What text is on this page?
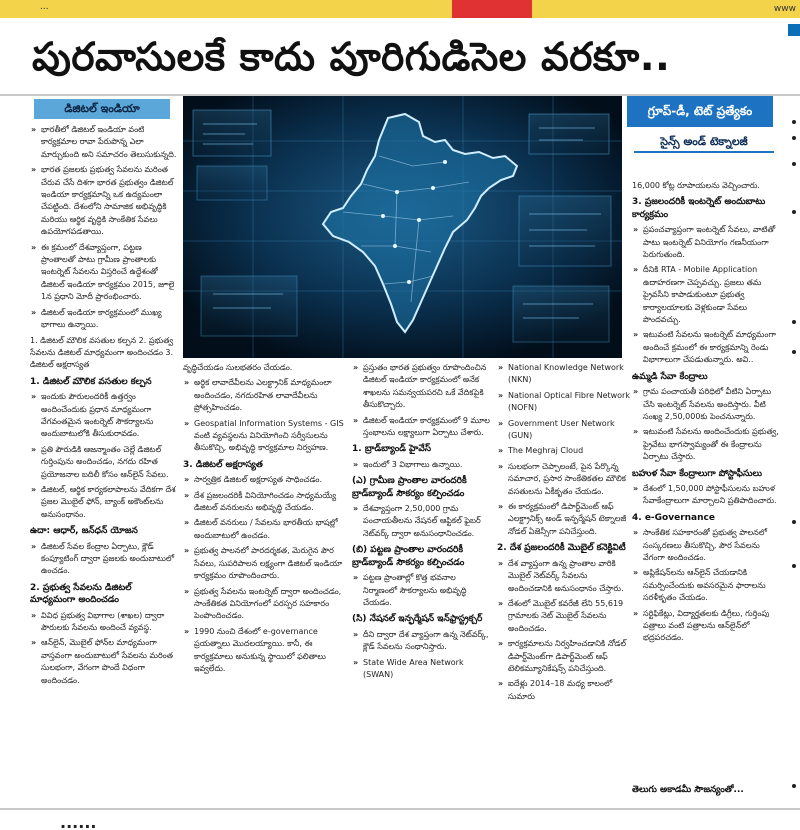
...	www
పురవాసులకే కాదు పూరిగుడిసెల వరకూ..
డిజిటల్ ఇండియా

» భారతీలో డిజిటల్ ఇండియా వంటి కార్యక్రమాల రావా పేరుపొన్న ఎలా మార్చుకుంది అని సమాచరం తెలుసుకున్నది.

» భారత ప్రజలకు ప్రభుత్వ సేవలను మరింత చేరువ చేసే దిశగా భారత ప్రభుత్వం డిజిటల్ ఇండియా కార్యక్రమాన్ని ఒక ఉద్యమంలా చేపట్టింది. దేశంలోని సామాజిక అభివృద్ధికి మరియు ఆర్థిక వృద్ధికి సాంకేతిక సేవలు ఉపయోగపడతాయి.

» ఈ క్రమంలో దేశవ్యాప్తంగా, పట్టణ ప్రాంతాలతో పాటు గ్రామీణ ప్రాంతాలకు ఇంటర్నెట్ సేవలను విస్తరించే ఉద్దేశంతో డిజిటల్ ఇండియా కార్యక్రమం 2015, జూలై 1న ప్రధాని మోదీ ప్రారంభించారు.

» డిజిటల్ ఇండియా కార్యక్రమంలో ముఖ్య భాగాలు ఉన్నాయి.

1. డిజిటల్ మౌలిక వసతుల కల్పన 2. ప్రభుత్వ సేవలను డిజిటల్ మాధ్యమంగా అందించడం 3. డిజిటల్ అక్షరాస్యత

1. డిజిటల్ మౌలిక వసతుల కల్పన

» ఇందుకు పౌరులందరికీ ఉత్తర్వం అందించేందుకు ప్రధాన మాధ్యమంగా వేగవంతమైన ఇంటర్నెట్ సౌకర్యాలను అందుబాటులోకి తీసుకురావడం.

» ప్రతి పౌరుడికి ఆజన్మాంతం చెల్లే డిజిటల్ గుర్తింపును అందించడం, నగదు రహిత ప్రయోజనాల బదిలీ కోసం ఆన్‌లైన్ సేవలు.

» డిజిటల్, ఆర్థిక కార్యకలాపాలను వేదికగా దేశ ప్రజల మొబైల్ ఫోన్, బ్యాంక్ అకౌంట్‌లను అనుసంధానం.

ఉదా: ఆధార్, జన్‌ధన్ యోజన

» డిజిటల్ సేవల కేంద్రాల ఏర్పాటు, క్లౌడ్ కంప్యూటింగ్ ద్వారా ప్రజలకు అందుబాటులో ఉంచడం.

2. ప్రభుత్వ సేవలను డిజిటల్ మాధ్యమంగా అందించడం

» వివిధ ప్రభుత్వ విభాగాల (శాఖల) ద్వారా పౌరులకు సేవలను అందించే వ్యవస్థ.

» ఆన్‌లైన్, మొబైల్ ఫోన్‌ల మాధ్యమంగా వాస్తవంగా అందుబాటులో సేవలను మరింత సులభంగా, వేగంగా పొందే విధంగా అందించడం.

వృద్ధిచేయడం సులభతరం చేయడం.

» అర్థిక లావాదేవీలను ఎలక్ట్రానిక్ మాధ్యమంలా అందించడం, నగదురహిత లావాదేవీలను ప్రోత్సహించడం.

» Geospatial Information Systems - GIS వంటి వ్యవస్థలను వినియోగించి సర్వీసులను తీసుకొచ్చి, అభివృద్ధి కార్యక్రమాల నిర్వహణ.

3. డిజిటల్ అక్షరాస్యత

» సార్వత్రిక డిజిటల్ అక్షరాస్యత సాధించడం.

» దేశ ప్రజలందరికీ వినియోగించడం సాధ్యమయ్యే డిజిటల్ వనరులను అభివృద్ధి చేయడం.

» డిజిటల్ వనరులు / సేవలను భారతీయ భాషల్లో అందుబాటులో ఉంచడం.

» ప్రభుత్వ పాలనలో పారదర్శకత, మెరుగైన పౌర సేవలు, సుపరిపాలన లక్ష్యంగా డిజిటల్ ఇండియా కార్యక్రమం రూపొందించారు.

» ప్రభుత్వ సేవలను ఇంటర్నెట్ ద్వారా అందించడం, సాంకేతికత వినియోగంలో పరస్పర సహకారం పెంపొందించడం.

» 1990 నుంచి దేశంలో e-governance ప్రయత్నాలు మొదలయ్యాయి. కానీ, ఈ కార్యక్రమాలు అనుకున్న స్థాయిలో ఫలితాలు ఇవ్వలేదు.

» ప్రస్తుతం భారత ప్రభుత్వం రూపొందించిన డిజిటల్ ఇండియా కార్యక్రమంలో అనేక శాఖలను సమన్వయపరచి ఒకే వేదికపైకి తీసుకొచ్చారు.

» డిజిటల్ ఇండియా కార్యక్రమంలో 9 మూల స్తంభాలను లక్ష్యాలుగా ఏర్పాటు చేశారు.

1. బ్రాడ్‌బ్యాండ్ హైవేస్

» ఇందులో 3 విభాగాలు ఉన్నాయి.

(ఎ) గ్రామీణ ప్రాంతాల వారందరికీ బ్రాడ్‌బ్యాండ్ సౌకర్యం కల్పించడం

» దేశవ్యాప్తంగా 2,50,000 గ్రామ పంచాయతీలను నేషనల్ ఆప్టికల్ ఫైబర్ నెట్‌వర్క్ ద్వారా అనుసంధానించడం.

(బి) పట్టణ ప్రాంతాల వారందరికీ బ్రాడ్‌బ్యాండ్ సౌకర్యం కల్పించడం

» పట్టణ ప్రాంతాల్లో కొత్త భవనాల నిర్మాణంలో సౌకర్యాలను అభివృద్ధి చేయడం.

(సి) నేషనల్ ఇన్ఫర్మేషన్ ఇన్‌ఫ్రాస్ట్రక్చర్

» దీని ద్వారా దేశ వ్యాప్తంగా ఉన్న నెట్‌వర్క్, క్లౌడ్ సేవలను సంధానిస్తారు.

» State Wide Area Network (SWAN)

» National Knowledge Network (NKN)

» National Optical Fibre Network (NOFN)

» Government User Network (GUN)

» The Meghraj Cloud

» సులభంగా చెప్పాలంటే, పైన పేర్కొన్న సమాచార, ప్రసార సాంకేతికతల మౌలిక వసతులను ఏకీకృతం చేయడం.

» ఈ కార్యక్రమంలో డిపార్ట్‌మెంట్ ఆఫ్ ఎలక్ట్రానిక్స్ అండ్ ఇన్ఫర్మేషన్ టెక్నాలజీ నోడల్ ఏజెన్సీగా పనిచేస్తుంది.

2. దేశ ప్రజలందరికీ మొబైల్ కనెక్టివిటీ

» దేశ వ్యాప్తంగా ఉన్న ప్రాంతాల వారికి మొబైల్ నెట్‌వర్క్ సేవలను అందించడానికి అనుసంధానం చేస్తారు.

» దేశంలో మొబైల్ కవరేజీ లేని 55,619 గ్రామాలకు నెట్ మొబైల్ సేవలను అందించడం.

» కార్యక్రమాలను నిర్వహించడానికి నోడల్ డిపార్ట్‌మెంట్‌గా డిపార్ట్‌మెంట్ ఆఫ్ టెలికమ్యూనికేషన్స్ పనిచేస్తుంది.

» ఐదేళ్లు 2014–18 మధ్య కాలంలో సుమారు

గ్రూప్-డీ, టెట్ ప్రత్యేకం
సైన్స్ అండ్ టెక్నాలజీ

16,000 కోట్ల రూపాయలను వెచ్చించారు.

3. ప్రజలందరికీ ఇంటర్నెట్ అందుబాటు కార్యక్రమం

» ప్రపంచవ్యాప్తంగా ఇంటర్నెట్ సేవలు, వాటితో పాటు ఇంటర్నెట్ వినియోగం గణనీయంగా పెరుగుతుంది.

» దీనికి RTA - Mobile Application ఉదాహరణగా చెప్పవచ్చు. ప్రజలు తమ ప్రైవసీని కాపాడుకుంటూ ప్రభుత్వ కార్యాలయాలకు వెళ్లకుండా సేవలు పొందవచ్చు.

» ఇటువంటి సేవలను ఇంటర్నెట్ మాధ్యమంగా అందించే క్రమంలో ఈ కార్యక్రమాన్ని రెండు విభాగాలుగా చేపడుతున్నారు. అవి..

ఉమ్మడి సేవా కేంద్రాలు

» గ్రామ పంచాయతీ పరిధిలో వీటిని ఏర్పాటు చేసి ఇంటర్నెట్ సేవలను అందిస్తారు. వీటి సంఖ్య 2,50,000కు పెంచనున్నారు.

» ఇటువంటి సేవలను అందించేందుకు ప్రభుత్వ, ప్రైవేటు భాగస్వామ్యంతో ఈ కేంద్రాలను ఏర్పాటు చేస్తారు.

బహుళ సేవా కేంద్రాలుగా పోస్టాఫీసులు

» దేశంలో 1,50,000 పోస్టాఫీసులను బహుళ సేవాకేంద్రాలుగా మార్చాలని ప్రతిపాదించారు.

4. e-Governance

» సాంకేతిక సహకారంతో ప్రభుత్వ పాలనలో సంస్కరణలు తీసుకొచ్చి, పౌర సేవలను వేగంగా అందించడం.

» అప్లికేషన్‌లను ఆన్‌లైన్ చేయడానికి సమర్పించేందుకు అవసరమైన ఫారాలను సరళీకృతం చేయడం.

» సర్టిఫికేట్లు, విద్యార్హతలకు డిగ్రీలు, గుర్తింపు పత్రాలు వంటి పత్రాలను ఆన్‌లైన్‌లో భద్రపరచడం.

తెలుగు అకాడమీ సౌజన్యంతో...
......
